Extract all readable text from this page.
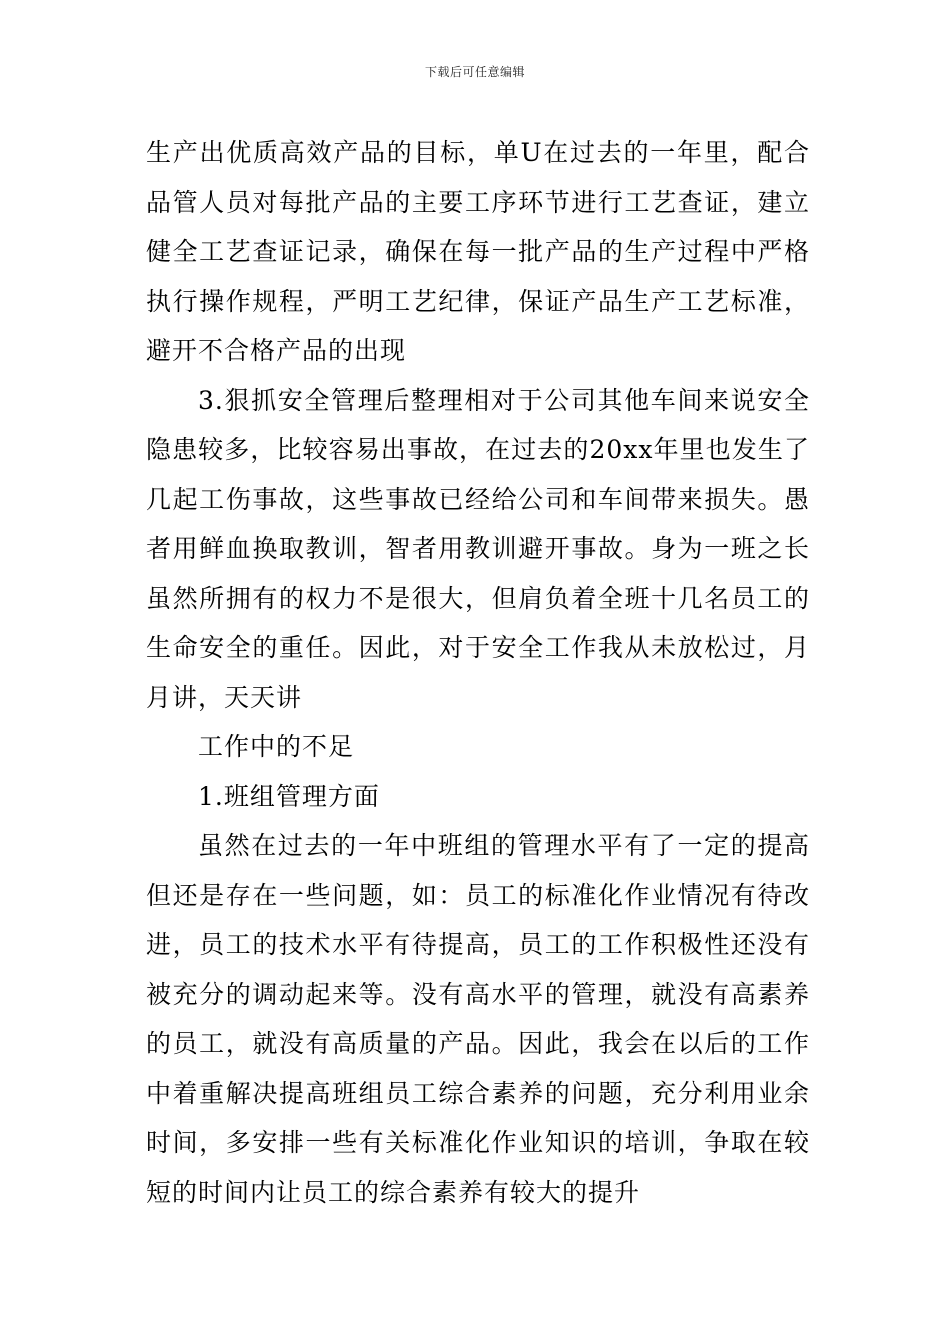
下载后可任意编辑

生产出优质高效产品的目标，单U在过去的一年里，配合品管人员对每批产品的主要工序环节进行工艺查证，建立健全工艺查证记录，确保在每一批产品的生产过程中严格执行操作规程，严明工艺纪律，保证产品生产工艺标准，避开不合格产品的出现

3.狠抓安全管理后整理相对于公司其他车间来说安全隐患较多，比较容易出事故，在过去的20xx年里也发生了几起工伤事故，这些事故已经给公司和车间带来损失。愚者用鲜血换取教训，智者用教训避开事故。身为一班之长虽然所拥有的权力不是很大，但肩负着全班十几名员工的生命安全的重任。因此，对于安全工作我从未放松过，月月讲，天天讲

工作中的不足

1.班组管理方面

虽然在过去的一年中班组的管理水平有了一定的提高但还是存在一些问题，如：员工的标准化作业情况有待改进，员工的技术水平有待提高，员工的工作积极性还没有被充分的调动起来等。没有高水平的管理，就没有高素养的员工，就没有高质量的产品。因此，我会在以后的工作中着重解决提高班组员工综合素养的问题，充分利用业余时间，多安排一些有关标准化作业知识的培训，争取在较短的时间内让员工的综合素养有较大的提升
